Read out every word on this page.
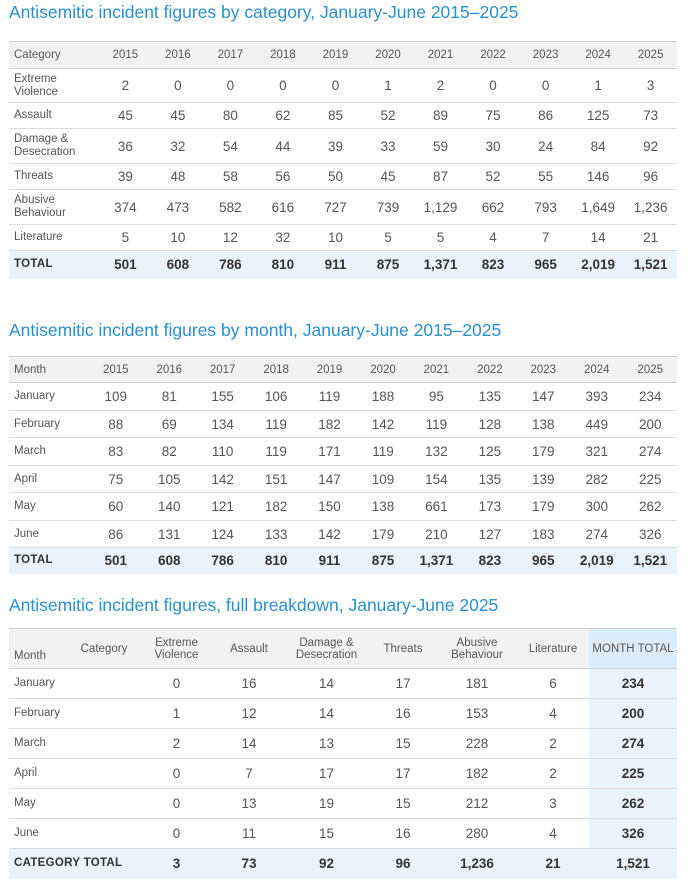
Antisemitic incident figures by category, January-June 2015–2025
Category	2015	2016	2017	2018	2019	2020	2021	2022	2023	2024	2025
Extreme Violence	2	0	0	0	0	1	2	0	0	1	3
Assault	45	45	80	62	85	52	89	75	86	125	73
Damage & Desecration	36	32	54	44	39	33	59	30	24	84	92
Threats	39	48	58	56	50	45	87	52	55	146	96
Abusive Behaviour	374	473	582	616	727	739	1,129	662	793	1,649	1,236
Literature	5	10	12	32	10	5	5	4	7	14	21
TOTAL	501	608	786	810	911	875	1,371	823	965	2,019	1,521
Antisemitic incident figures by month, January-June 2015–2025
Month	2015	2016	2017	2018	2019	2020	2021	2022	2023	2024	2025
January	109	81	155	106	119	188	95	135	147	393	234
February	88	69	134	119	182	142	119	128	138	449	200
March	83	82	110	119	171	119	132	125	179	321	274
April	75	105	142	151	147	109	154	135	139	282	225
May	60	140	121	182	150	138	661	173	179	300	262
June	86	131	124	133	142	179	210	127	183	274	326
TOTAL	501	608	786	810	911	875	1,371	823	965	2,019	1,521
Antisemitic incident figures, full breakdown, January-June 2025
Month	Category	Extreme Violence	Assault	Damage & Desecration	Threats	Abusive Behaviour	Literature	MONTH TOTAL
January		0	16	14	17	181	6	234
February		1	12	14	16	153	4	200
March		2	14	13	15	228	2	274
April		0	7	17	17	182	2	225
May		0	13	19	15	212	3	262
June		0	11	15	16	280	4	326
CATEGORY TOTAL		3	73	92	96	1,236	21	1,521
